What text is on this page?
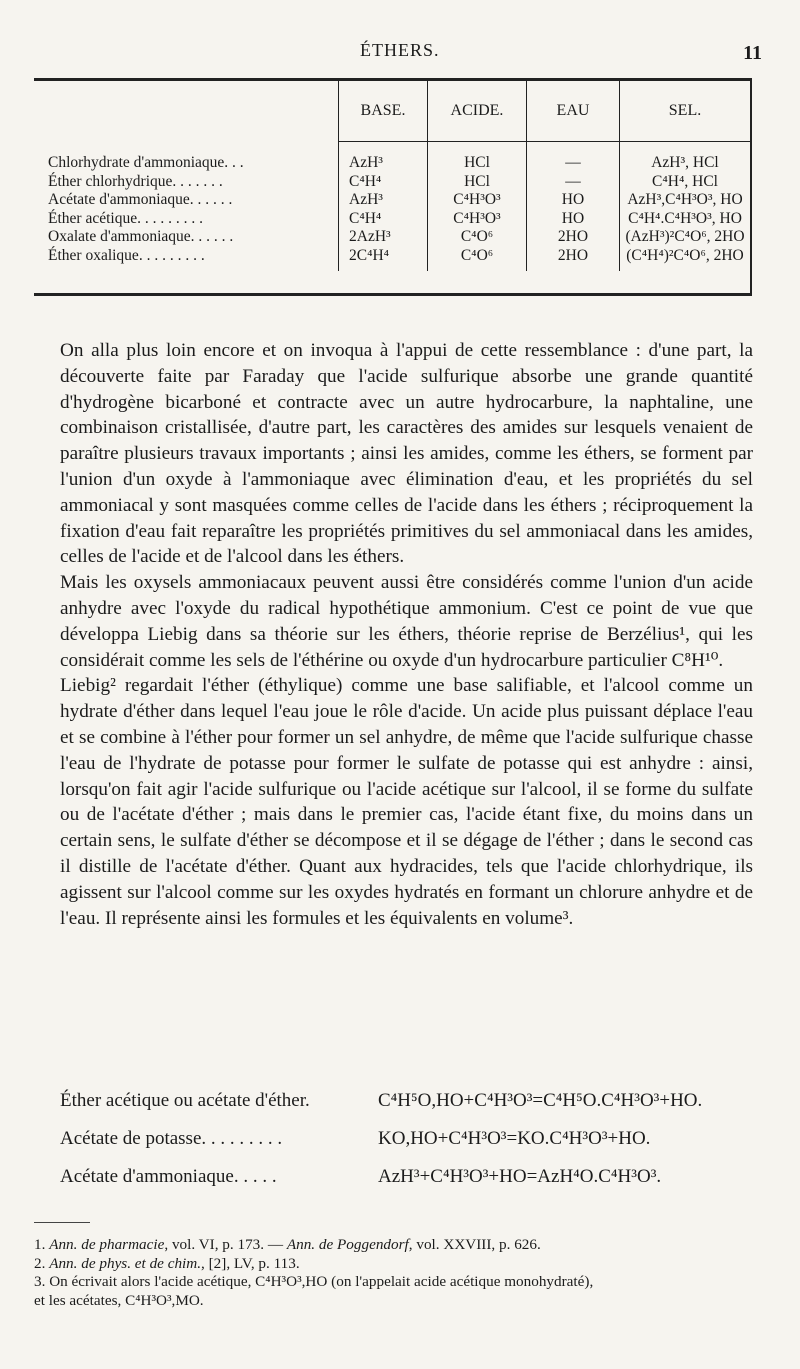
ÉTHERS.	11
	BASE.	ACIDE.	EAU	SEL.
Chlorhydrate d'ammoniaque. . .	AzH³	HCl	—	AzH³, HCl
Éther chlorhydrique. . . . . . .	C⁴H⁴	HCl	—	C⁴H⁴, HCl
Acétate d'ammoniaque. . . . . .	AzH³	C⁴H³O³	HO	AzH³,C⁴H³O³, HO
Éther acétique. . . . . . . . .	C⁴H⁴	C⁴H³O³	HO	C⁴H⁴.C⁴H³O³, HO
Oxalate d'ammoniaque. . . . . .	2AzH³	C⁴O⁶	2HO	(AzH³)²C⁴O⁶, 2HO
Éther oxalique. . . . . . . . .	2C⁴H⁴	C⁴O⁶	2HO	(C⁴H⁴)²C⁴O⁶, 2HO

On alla plus loin encore et on invoqua à l'appui de cette ressemblance : d'une part, la découverte faite par Faraday que l'acide sulfurique absorbe une grande quantité d'hydrogène bicarboné et contracte avec un autre hydrocarbure, la naphtaline, une combinaison cristallisée, d'autre part, les caractères des amides sur lesquels venaient de paraître plusieurs travaux importants ; ainsi les amides, comme les éthers, se forment par l'union d'un oxyde à l'ammoniaque avec élimination d'eau, et les propriétés du sel ammoniacal y sont masquées comme celles de l'acide dans les éthers ; réciproquement la fixation d'eau fait reparaître les propriétés primitives du sel ammoniacal dans les amides, celles de l'acide et de l'alcool dans les éthers.

Mais les oxysels ammoniacaux peuvent aussi être considérés comme l'union d'un acide anhydre avec l'oxyde du radical hypothétique ammonium. C'est ce point de vue que développa Liebig dans sa théorie sur les éthers, théorie reprise de Berzélius¹, qui les considérait comme les sels de l'éthérine ou oxyde d'un hydrocarbure particulier C⁸H¹⁰.

Liebig² regardait l'éther (éthylique) comme une base salifiable, et l'alcool comme un hydrate d'éther dans lequel l'eau joue le rôle d'acide. Un acide plus puissant déplace l'eau et se combine à l'éther pour former un sel anhydre, de même que l'acide sulfurique chasse l'eau de l'hydrate de potasse pour former le sulfate de potasse qui est anhydre : ainsi, lorsqu'on fait agir l'acide sulfurique ou l'acide acétique sur l'alcool, il se forme du sulfate ou de l'acétate d'éther ; mais dans le premier cas, l'acide étant fixe, du moins dans un certain sens, le sulfate d'éther se décompose et il se dégage de l'éther ; dans le second cas il distille de l'acétate d'éther. Quant aux hydracides, tels que l'acide chlorhydrique, ils agissent sur l'alcool comme sur les oxydes hydratés en formant un chlorure anhydre et de l'eau. Il représente ainsi les formules et les équivalents en volume³.

Éther acétique ou acétate d'éther.	C⁴H⁵O,HO+C⁴H³O³=C⁴H⁵O.C⁴H³O³+HO.
Acétate de potasse. . . . . . . . .	KO,HO+C⁴H³O³=KO.C⁴H³O³+HO.
Acétate d'ammoniaque. . . . .	AzH³+C⁴H³O³+HO=AzH⁴O.C⁴H³O³.
1. Ann. de pharmacie, vol. VI, p. 173. — Ann. de Poggendorf, vol. XXVIII, p. 626.
2. Ann. de phys. et de chim., [2], LV, p. 113.
3. On écrivait alors l'acide acétique, C⁴H³O³,HO (on l'appelait acide acétique monohydraté),
et les acétates, C⁴H³O³,MO.
